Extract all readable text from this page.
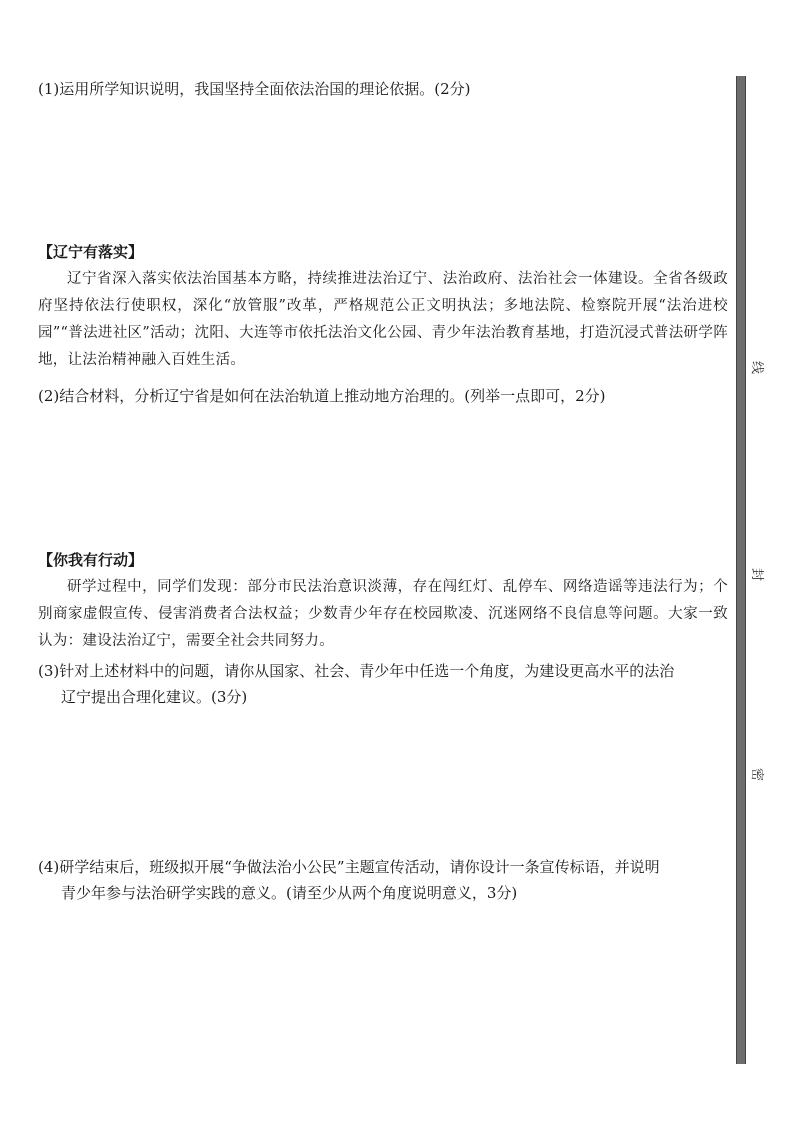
(1)运用所学知识说明，我国坚持全面依法治国的理论依据。(2分)
【辽宁有落实】
辽宁省深入落实依法治国基本方略，持续推进法治辽宁、法治政府、法治社会一体建设。全省各级政府坚持依法行使职权，深化“放管服”改革，严格规范公正文明执法；多地法院、检察院开展“法治进校园”“普法进社区”活动；沈阳、大连等市依托法治文化公园、青少年法治教育基地，打造沉浸式普法研学阵地，让法治精神融入百姓生活。
(2)结合材料，分析辽宁省是如何在法治轨道上推动地方治理的。(列举一点即可，2分)
【你我有行动】
研学过程中，同学们发现：部分市民法治意识淡薄，存在闯红灯、乱停车、网络造谣等违法行为；个别商家虚假宣传、侵害消费者合法权益；少数青少年存在校园欺凌、沉迷网络不良信息等问题。大家一致认为：建设法治辽宁，需要全社会共同努力。
(3)针对上述材料中的问题，请你从国家、社会、青少年中任选一个角度，为建设更高水平的法治
辽宁提出合理化建议。(3分)
(4)研学结束后，班级拟开展“争做法治小公民”主题宣传活动，请你设计一条宣传标语，并说明
青少年参与法治研学实践的意义。(请至少从两个角度说明意义，3分)
线
封
密
